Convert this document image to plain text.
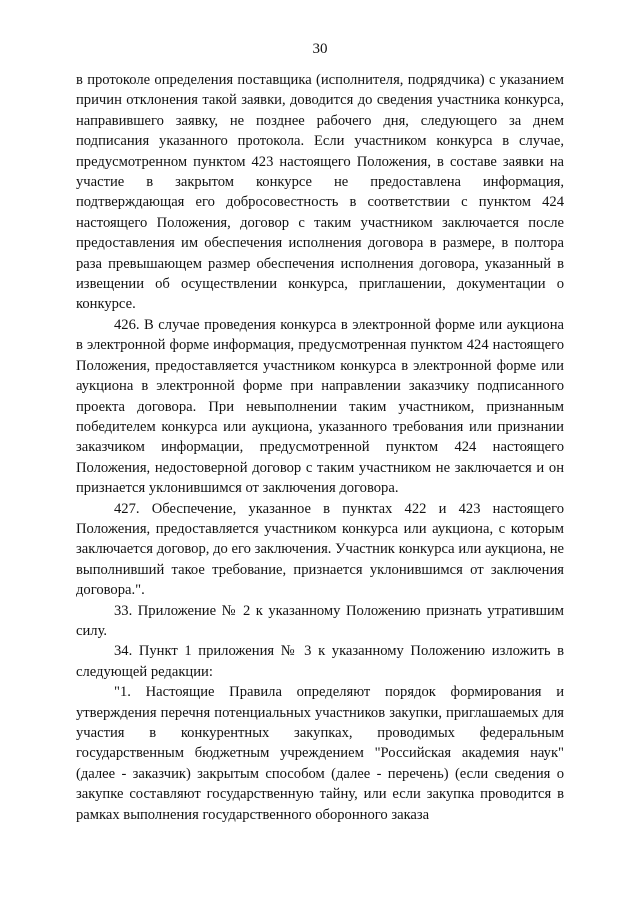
30

в протоколе определения поставщика (исполнителя, подрядчика) с указанием причин отклонения такой заявки, доводится до сведения участника конкурса, направившего заявку, не позднее рабочего дня, следующего за днем подписания указанного протокола. Если участником конкурса в случае, предусмотренном пунктом 423 настоящего Положения, в составе заявки на участие в закрытом конкурсе не предоставлена информация, подтверждающая его добросовестность в соответствии с пунктом 424 настоящего Положения, договор с таким участником заключается после предоставления им обеспечения исполнения договора в размере, в полтора раза превышающем размер обеспечения исполнения договора, указанный в извещении об осуществлении конкурса, приглашении, документации о конкурсе.

426. В случае проведения конкурса в электронной форме или аукциона в электронной форме информация, предусмотренная пунктом 424 настоящего Положения, предоставляется участником конкурса в электронной форме или аукциона в электронной форме при направлении заказчику подписанного проекта договора. При невыполнении таким участником, признанным победителем конкурса или аукциона, указанного требования или признании заказчиком информации, предусмотренной пунктом 424 настоящего Положения, недостоверной договор с таким участником не заключается и он признается уклонившимся от заключения договора.

427. Обеспечение, указанное в пунктах 422 и 423 настоящего Положения, предоставляется участником конкурса или аукциона, с которым заключается договор, до его заключения. Участник конкурса или аукциона, не выполнивший такое требование, признается уклонившимся от заключения договора.".

33. Приложение № 2 к указанному Положению признать утратившим силу.

34. Пункт 1 приложения № 3 к указанному Положению изложить в следующей редакции:

"1. Настоящие Правила определяют порядок формирования и утверждения перечня потенциальных участников закупки, приглашаемых для участия в конкурентных закупках, проводимых федеральным государственным бюджетным учреждением "Российская академия наук" (далее - заказчик) закрытым способом (далее - перечень) (если сведения о закупке составляют государственную тайну, или если закупка проводится в рамках выполнения государственного оборонного заказа
